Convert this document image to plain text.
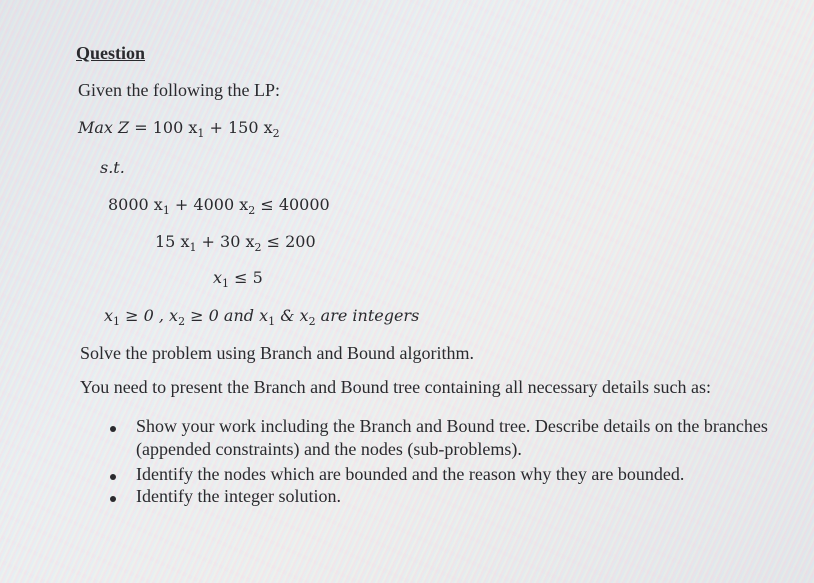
Question
Given the following the LP:
Max Z = 100 $x_1 + 150$ $x_2$
s.t.
8000 $x_1 + 4000$ $x_2 \le 40000$
15 $x_1 + 30$ $x_2 \le 200$
$x_1 \le 5$
$x_1 \ge 0$ , $x_2 \ge 0$ and $x_1$ & $x_2$ are integers
Solve the problem using Branch and Bound algorithm.
You need to present the Branch and Bound tree containing all necessary details such as:
Show your work including the Branch and Bound tree. Describe details on the branches
(appended constraints) and the nodes (sub-problems).
Identify the nodes which are bounded and the reason why they are bounded.
Identify the integer solution.
